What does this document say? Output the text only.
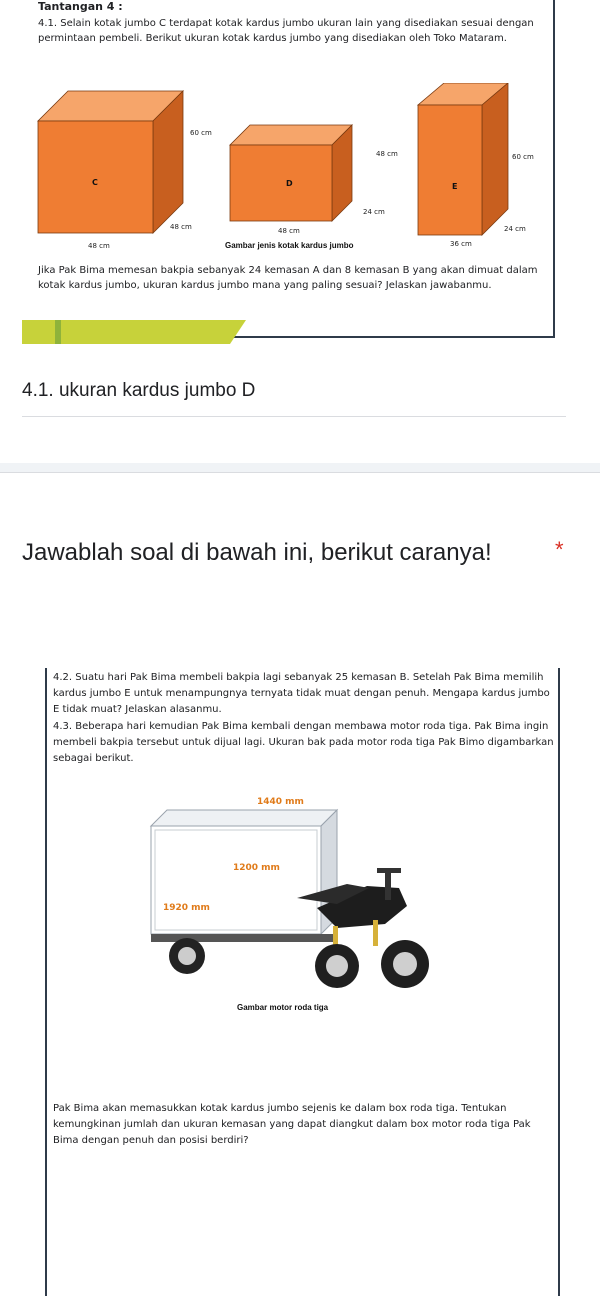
Tantangan 4 :
4.1. Selain kotak jumbo C terdapat kotak kardus jumbo ukuran lain yang disediakan sesuai dengan permintaan pembeli. Berikut ukuran kotak kardus jumbo yang disediakan oleh Toko Mataram.
C
60 cm
48 cm
48 cm
D
48 cm
24 cm
48 cm
Gambar jenis kotak kardus jumbo
E
60 cm
24 cm
36 cm
Jika Pak Bima memesan bakpia sebanyak 24 kemasan A dan 8 kemasan B yang akan dimuat dalam kotak kardus jumbo, ukuran kardus jumbo mana yang paling sesuai? Jelaskan jawabanmu.
4.1. ukuran kardus jumbo D
Jawablah soal di bawah ini, berikut caranya!	*
4.2. Suatu hari Pak Bima membeli bakpia lagi sebanyak 25 kemasan B. Setelah Pak Bima memilih kardus jumbo E untuk menampungnya ternyata tidak muat dengan penuh. Mengapa kardus jumbo E tidak muat? Jelaskan alasanmu.
4.3. Beberapa hari kemudian Pak Bima kembali dengan membawa motor roda tiga. Pak Bima ingin membeli bakpia tersebut untuk dijual lagi. Ukuran bak pada motor roda tiga Pak Bimo digambarkan sebagai berikut.
1440 mm
1200 mm
1920 mm
Gambar motor roda tiga
Pak Bima akan memasukkan kotak kardus jumbo sejenis ke dalam box roda tiga. Tentukan kemungkinan jumlah dan ukuran kemasan yang dapat diangkut dalam box motor roda tiga Pak Bima dengan penuh dan posisi berdiri?
